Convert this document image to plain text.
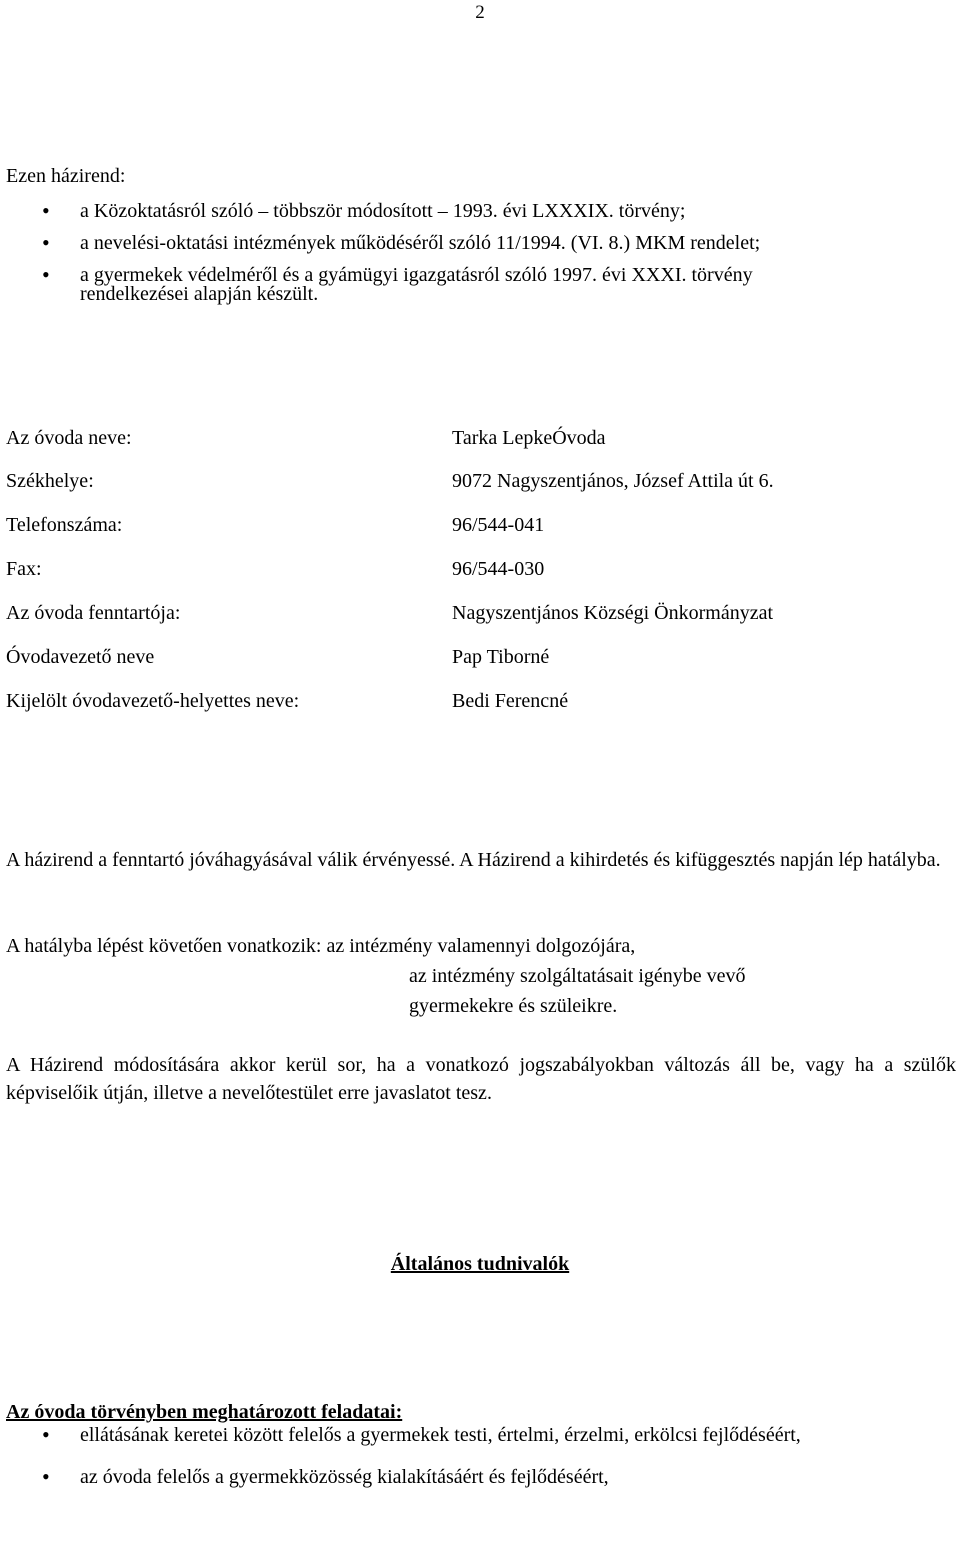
2
Ezen házirend:
• a Közoktatásról szóló – többször módosított – 1993. évi LXXXIX. törvény;
• a nevelési-oktatási intézmények működéséről szóló 11/1994. (VI. 8.) MKM rendelet;
• a gyermekek védelméről és a gyámügyi igazgatásról szóló 1997. évi XXXI. törvény
rendelkezései alapján készült.
Az óvoda neve:	Tarka LepkeÓvoda
Székhelye:	9072 Nagyszentjános, József Attila út 6.
Telefonszáma:	96/544-041
Fax:	96/544-030
Az óvoda fenntartója:	Nagyszentjános Községi Önkormányzat
Óvodavezető neve	Pap Tiborné
Kijelölt óvodavezető-helyettes neve:	Bedi Ferencné
A házirend a fenntartó jóváhagyásával válik érvényessé. A Házirend a kihirdetés és kifüggesztés napján lép hatályba.
A hatályba lépést követően vonatkozik: az intézmény valamennyi dolgozójára,
az intézmény szolgáltatásait igénybe vevő
gyermekekre és szüleikre.
A Házirend módosítására akkor kerül sor, ha a vonatkozó jogszabályokban változás áll be, vagy ha a szülők képviselőik útján, illetve a nevelőtestület erre javaslatot tesz.
Általános tudnivalók
Az óvoda törvényben meghatározott feladatai:
• ellátásának keretei között felelős a gyermekek testi, értelmi, érzelmi, erkölcsi fejlődéséért,
• az óvoda felelős a gyermekközösség kialakításáért és fejlődéséért,
